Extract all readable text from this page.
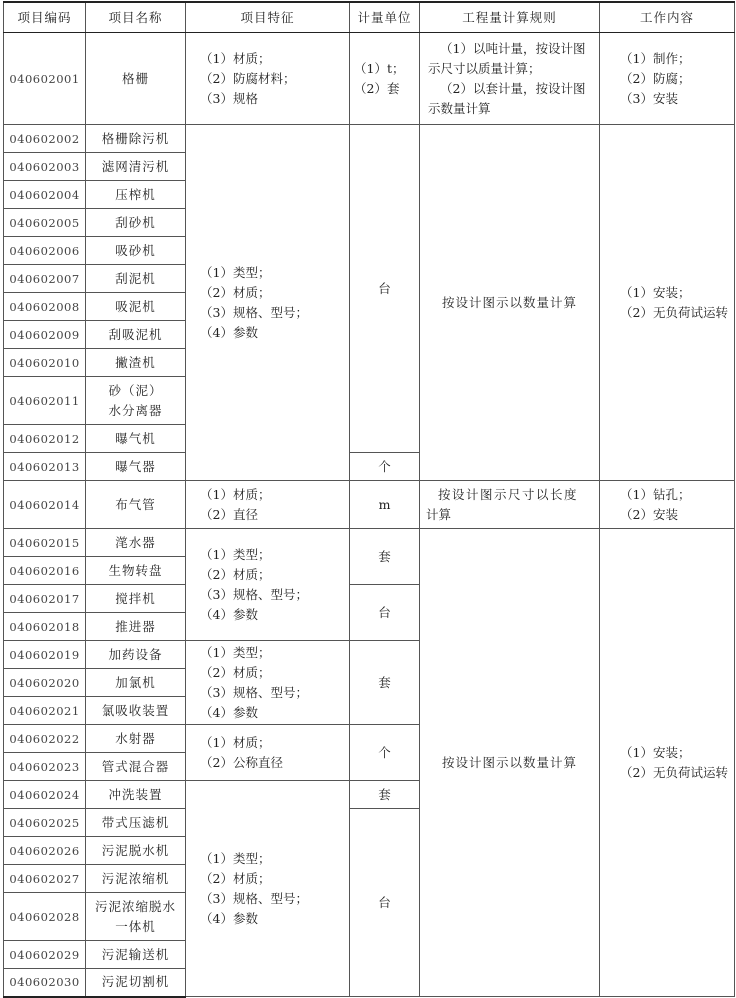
项目编码	项目名称	项目特征	计量单位	工程量计算规则	工作内容
040602001	格栅	（1）材质；
（2）防腐材料；
（3）规格	（1）t；
（2）套	（1）以吨计量，按设计图
示尺寸以质量计算；
（2）以套计量，按设计图
示数量计算	（1）制作；
（2）防腐；
（3）安装

040602002	格栅除污机	（1）类型；
（2）材质；
（3）规格、型号；
（4）参数	台	按设计图示以数量计算	（1）安装；
（2）无负荷试运转

040602003	滤网清污机				
040602004	压榨机				
040602005	刮砂机				
040602006	吸砂机				
040602007	刮泥机				
040602008	吸泥机				
040602009	刮吸泥机				
040602010	撇渣机				
040602011	砂（泥）
水分离器				

040602012	曝气机				
040602013	曝气器		个		
040602014	布气管	（1）材质；
（2）直径	m	按设计图示尺寸以长度
计算	（1）钻孔；
（2）安装

040602015	滗水器	（1）类型；
（2）材质；
（3）规格、型号；
（4）参数	套	按设计图示以数量计算	（1）安装；
（2）无负荷试运转

040602016	生物转盘				
040602017	搅拌机		台		
040602018	推进器				
040602019	加药设备	（1）类型；
（2）材质；
（3）规格、型号；
（4）参数	套		
040602020	加氯机				
040602021	氯吸收装置				
040602022	水射器	（1）材质；
（2）公称直径	个		
040602023	管式混合器				
040602024	冲洗装置	（1）类型；
（2）材质；
（3）规格、型号；
（4）参数	套		
040602025	带式压滤机		台		
040602026	污泥脱水机				
040602027	污泥浓缩机				
040602028	污泥浓缩脱水
一体机				

040602029	污泥输送机				
040602030	污泥切割机				
